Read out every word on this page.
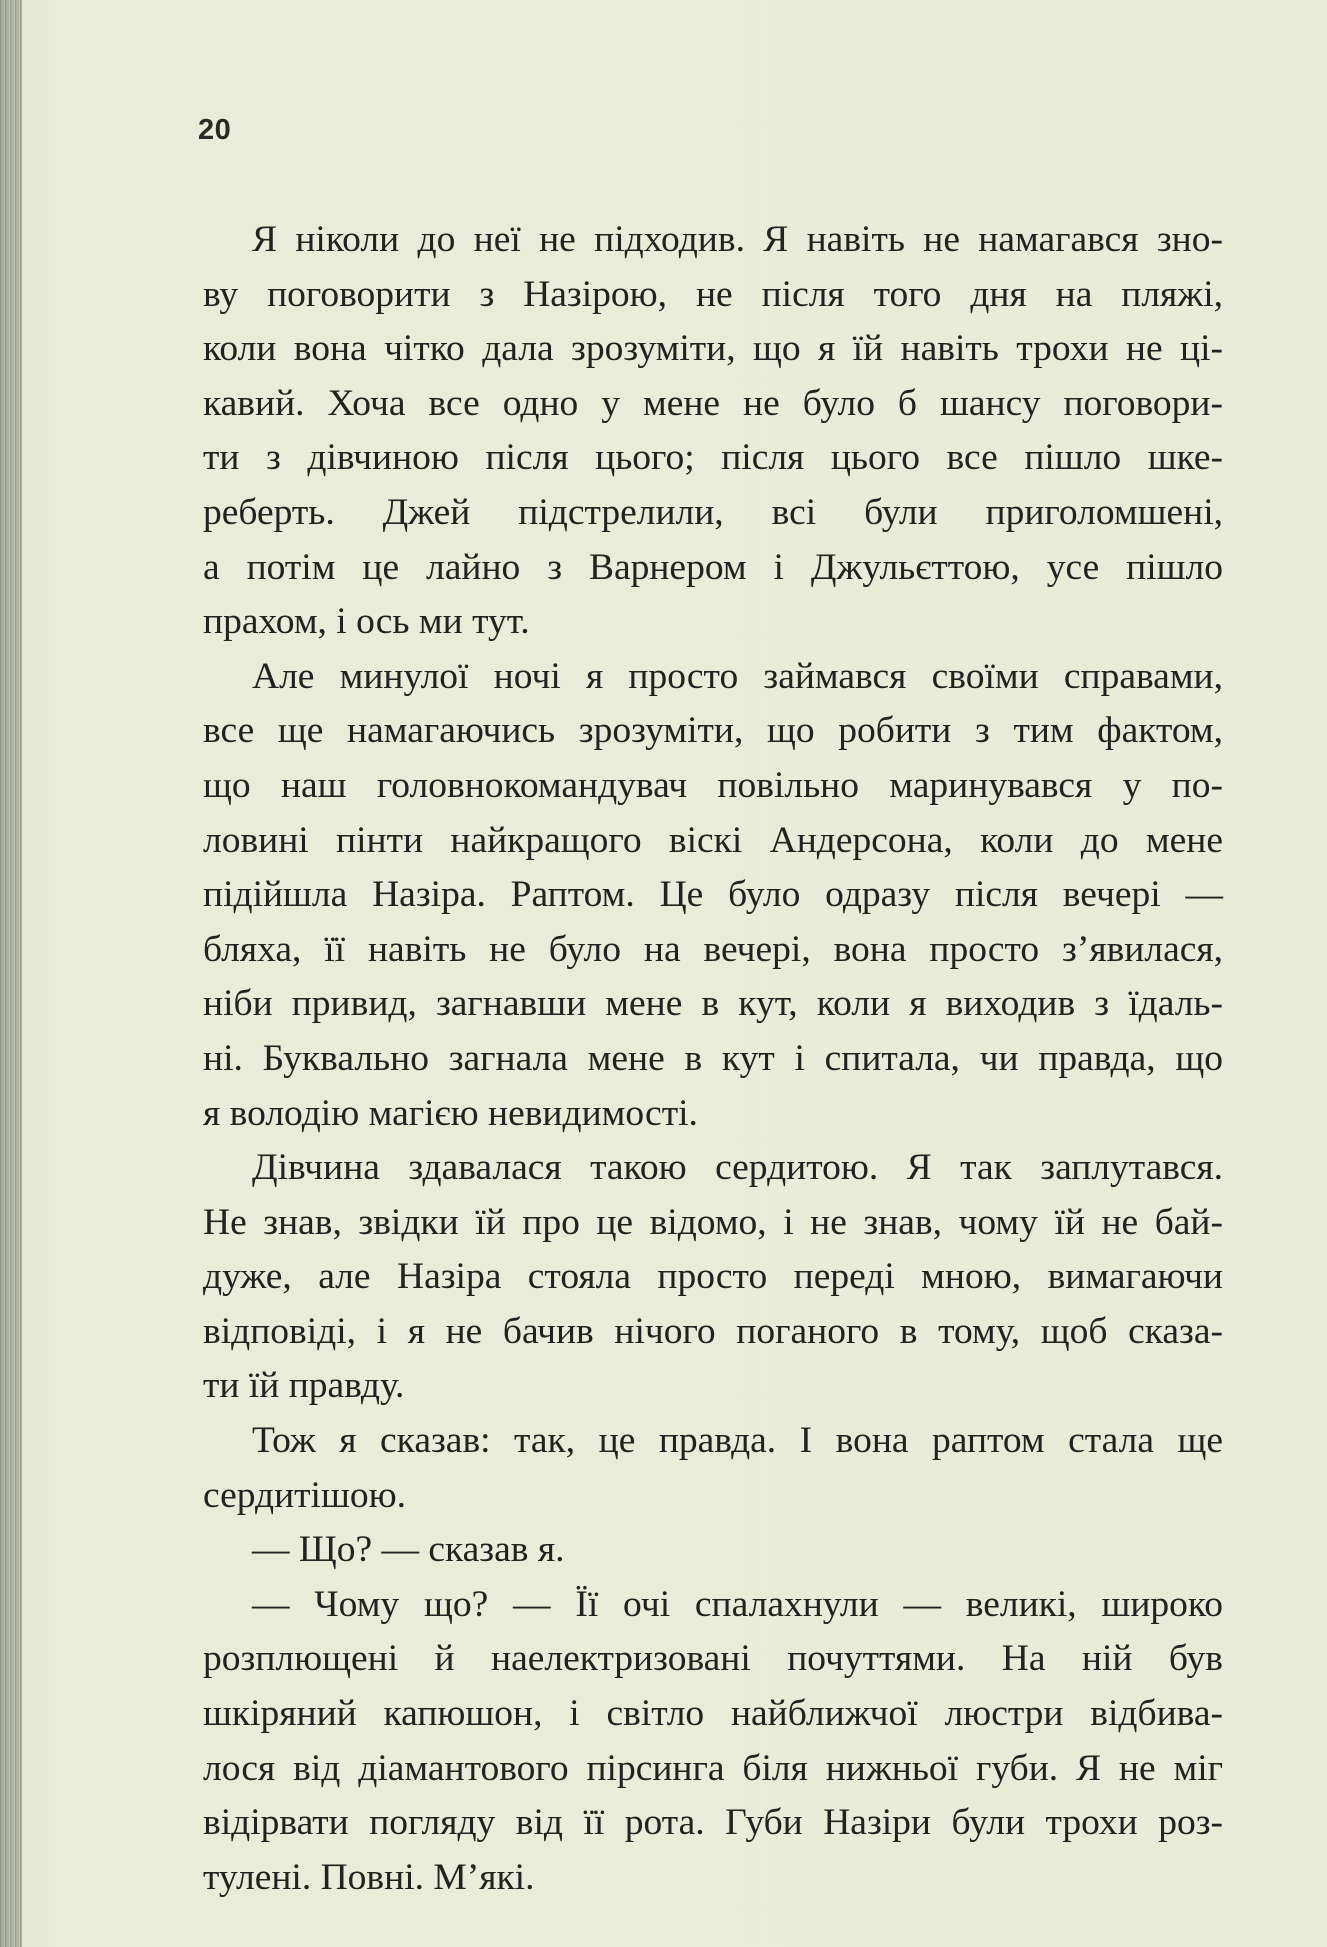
20
Я ніколи до неї не підходив. Я навіть не намагався зно-
ву поговорити з Назірою, не після того дня на пляжі,
коли вона чітко дала зрозуміти, що я їй навіть трохи не ці-
кавий. Хоча все одно у мене не було б шансу поговори-
ти з дівчиною після цього; після цього все пішло шке-
реберть. Джей підстрелили, всі були приголомшені,
а потім це лайно з Варнером і Джульєттою, усе пішло
прахом, і ось ми тут.
Але минулої ночі я просто займався своїми справами,
все ще намагаючись зрозуміти, що робити з тим фактом,
що наш головнокомандувач повільно маринувався у по-
ловині пінти найкращого віскі Андерсона, коли до мене
підійшла Назіра. Раптом. Це було одразу після вечері —
бляха, її навіть не було на вечері, вона просто з’явилася,
ніби привид, загнавши мене в кут, коли я виходив з їдаль-
ні. Буквально загнала мене в кут і спитала, чи правда, що
я володію магією невидимості.
Дівчина здавалася такою сердитою. Я так заплутався.
Не знав, звідки їй про це відомо, і не знав, чому їй не бай-
дуже, але Назіра стояла просто переді мною, вимагаючи
відповіді, і я не бачив нічого поганого в тому, щоб сказа-
ти їй правду.
Тож я сказав: так, це правда. І вона раптом стала ще
сердитішою.
— Що? — сказав я.
— Чому що? — Її очі спалахнули — великі, широко
розплющені й наелектризовані почуттями. На ній був
шкіряний капюшон, і світло найближчої люстри відбива-
лося від діамантового пірсинга біля нижньої губи. Я не міг
відірвати погляду від її рота. Губи Назіри були трохи роз-
тулені. Повні. М’які.
